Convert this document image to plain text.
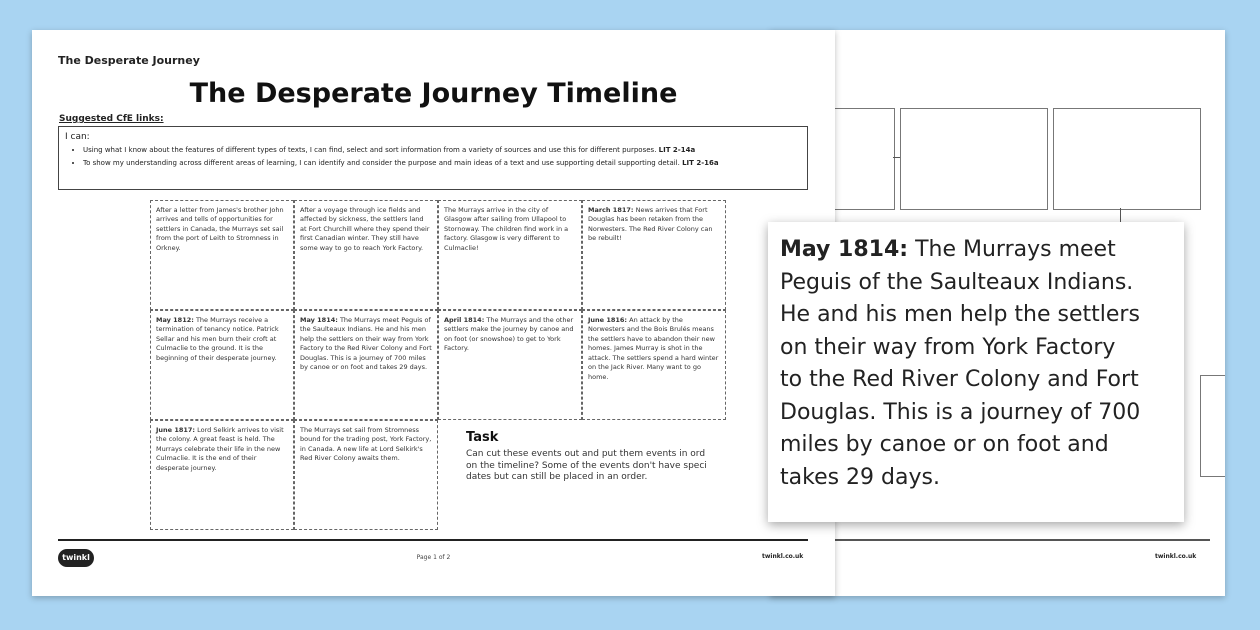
twinkl.co.uk
The Desperate Journey
The Desperate Journey Timeline
Suggested CfE links:
I can:
• Using what I know about the features of different types of texts, I can find, select and sort information from a variety of sources and use this for different purposes. LIT 2-14a
• To show my understanding across different areas of learning, I can identify and consider the purpose and main ideas of a text and use supporting detail supporting detail. LIT 2-16a
After a letter from James's brother John arrives and tells of opportunities for settlers in Canada, the Murrays set sail from the port of Leith to Stromness in Orkney.
After a voyage through ice fields and affected by sickness, the settlers land at Fort Churchill where they spend their first Canadian winter. They still have some way to go to reach York Factory.
The Murrays arrive in the city of Glasgow after sailing from Ullapool to Stornoway. The children find work in a factory. Glasgow is very different to Culmaclie!
March 1817: News arrives that Fort Douglas has been retaken from the Norwesters. The Red River Colony can be rebuilt!
May 1812: The Murrays receive a termination of tenancy notice. Patrick Sellar and his men burn their croft at Culmaclie to the ground. It is the beginning of their desperate journey.
May 1814: The Murrays meet Peguis of the Saulteaux Indians. He and his men help the settlers on their way from York Factory to the Red River Colony and Fort Douglas. This is a journey of 700 miles by canoe or on foot and takes 29 days.
April 1814: The Murrays and the other settlers make the journey by canoe and on foot (or snowshoe) to get to York Factory.
June 1816: An attack by the Norwesters and the Bois Brulés means the settlers have to abandon their new homes. James Murray is shot in the attack. The settlers spend a hard winter on the Jack River. Many want to go home.
June 1817: Lord Selkirk arrives to visit the colony. A great feast is held. The Murrays celebrate their life in the new Culmaclie. It is the end of their desperate journey.
The Murrays set sail from Stromness bound for the trading post, York Factory, in Canada. A new life at Lord Selkirk's Red River Colony awaits them.
Task
Can cut these events out and put them events in ord
on the timeline? Some of the events don't have speci
dates but can still be placed in an order.
twinkl	Page 1 of 2	twinkl.co.uk
May 1814: The Murrays meet
Peguis of the Saulteaux Indians.
He and his men help the settlers
on their way from York Factory
to the Red River Colony and Fort
Douglas. This is a journey of 700
miles by canoe or on foot and
takes 29 days.
